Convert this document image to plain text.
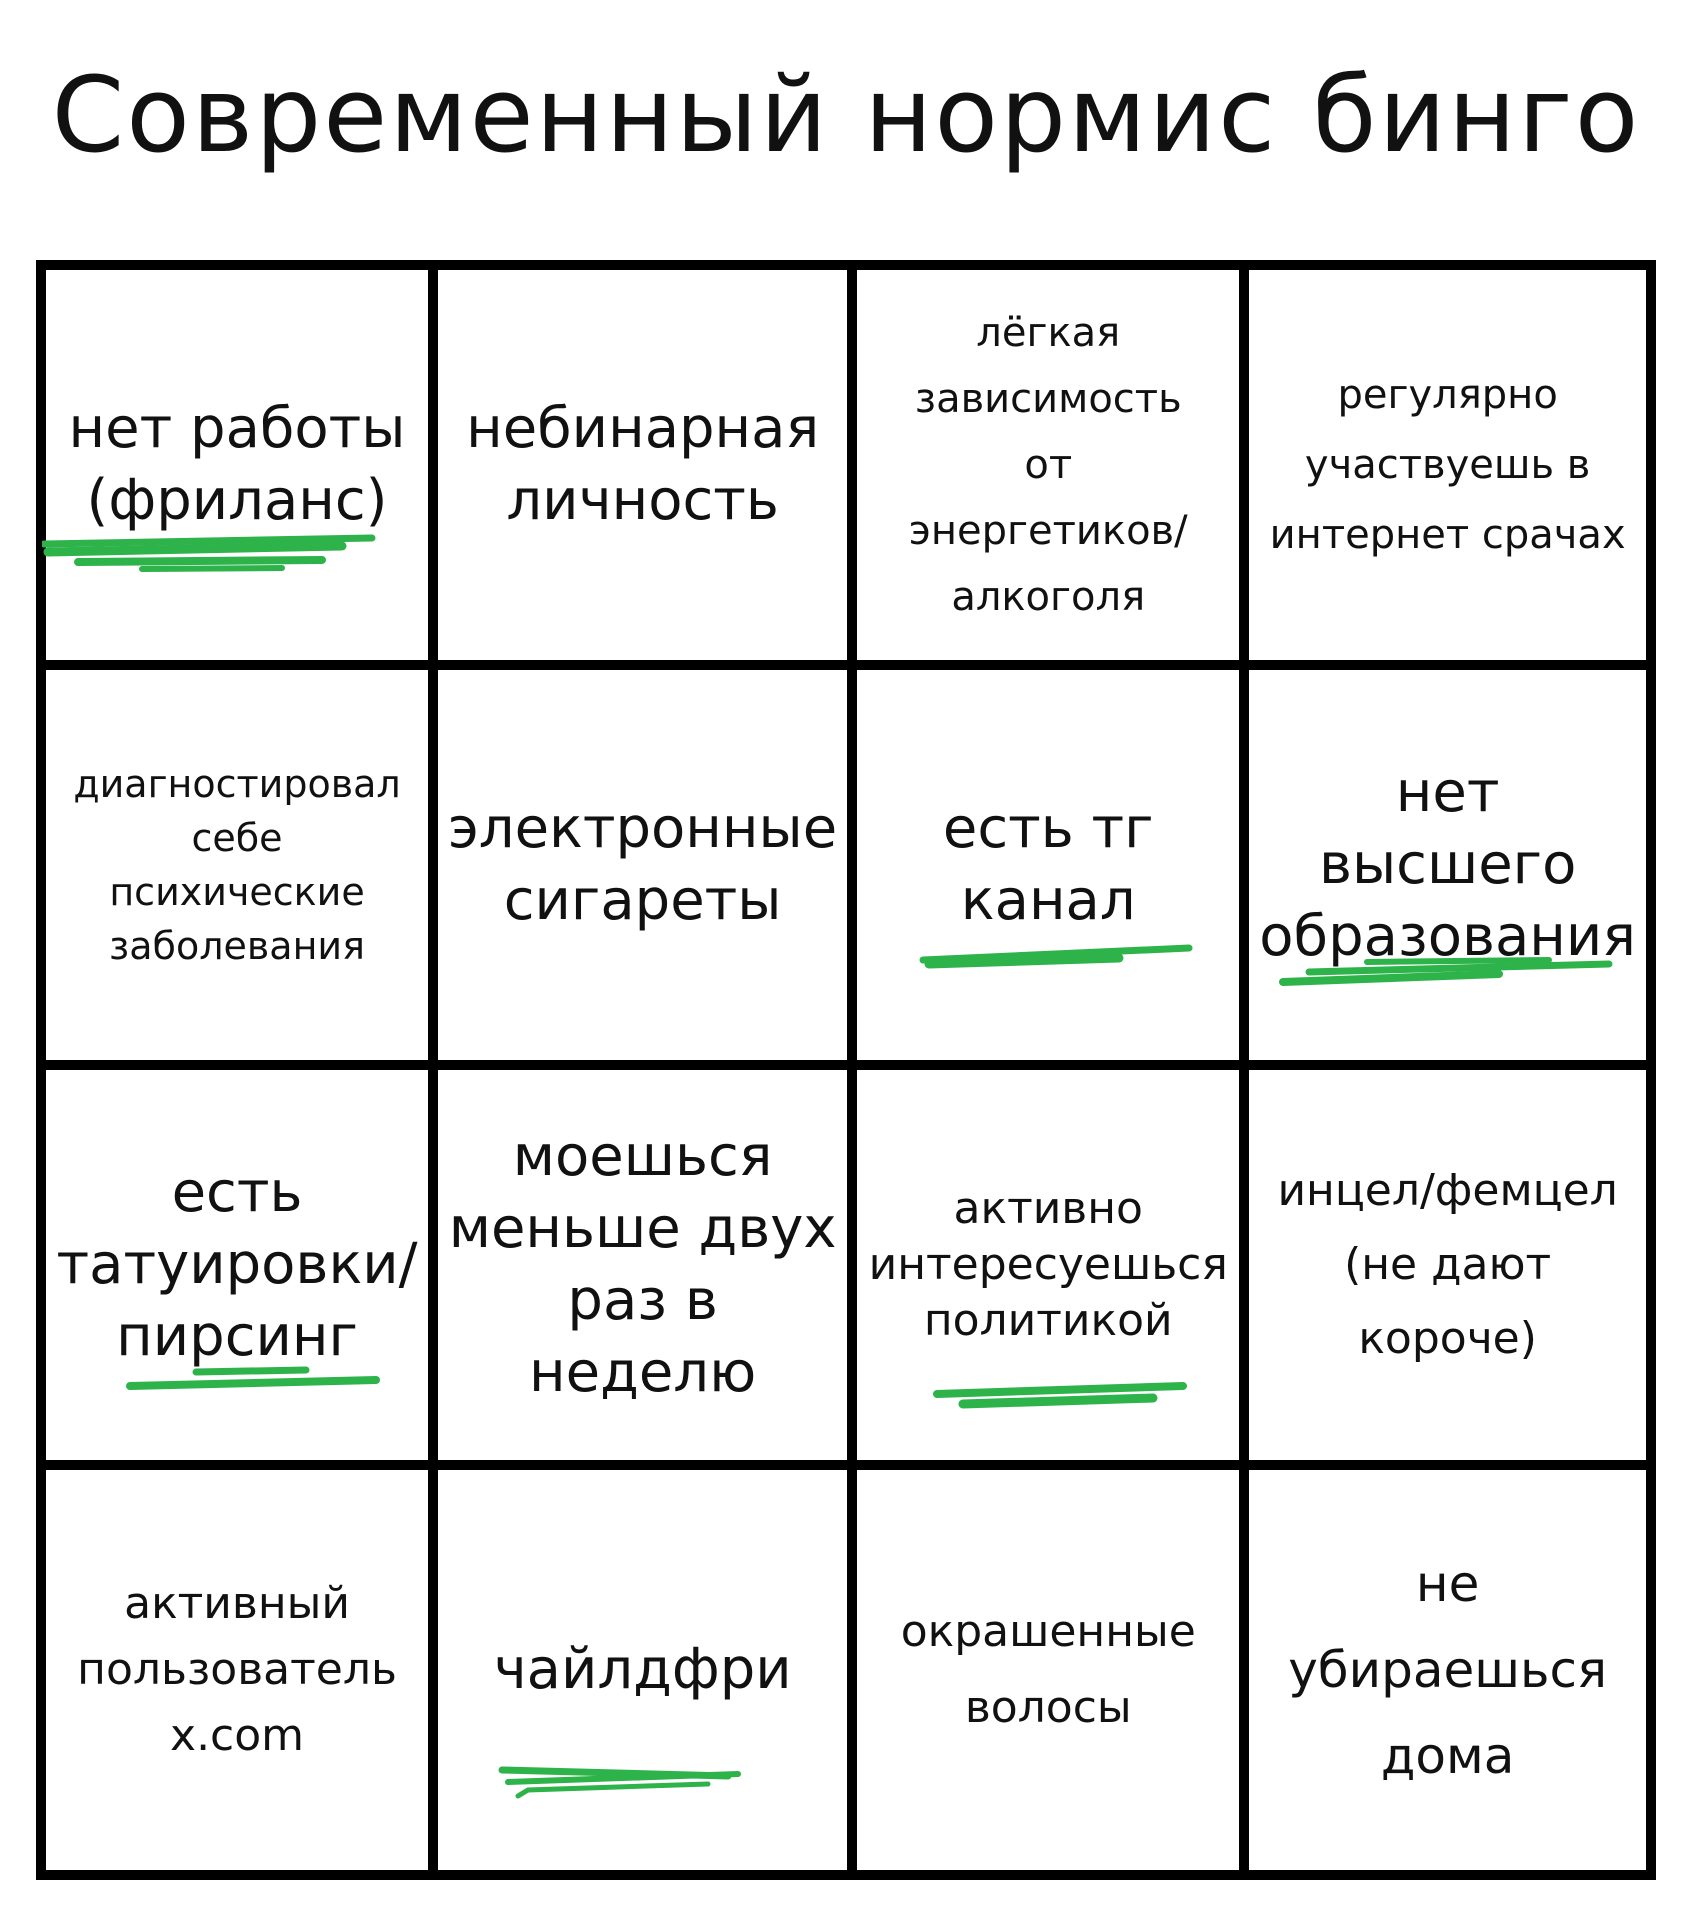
Современный нормис бинго
нет работы
(фриланс)
небинарная
личность
лёгкая
зависимость
от
энергетиков/
алкоголя
регулярно
участвуешь в
интернет срачах
диагностировал
себе
психические
заболевания
электронные
сигареты
есть тг
канал
нет высшего
образования
есть
татуировки/
пирсинг
моешься
меньше двух
раз в
неделю
активно
интересуешься
политикой
инцел/фемцел
(не дают
короче)
активный
пользователь
x.com
чайлдфри
окрашенные
волосы
не
убираешься
дома
